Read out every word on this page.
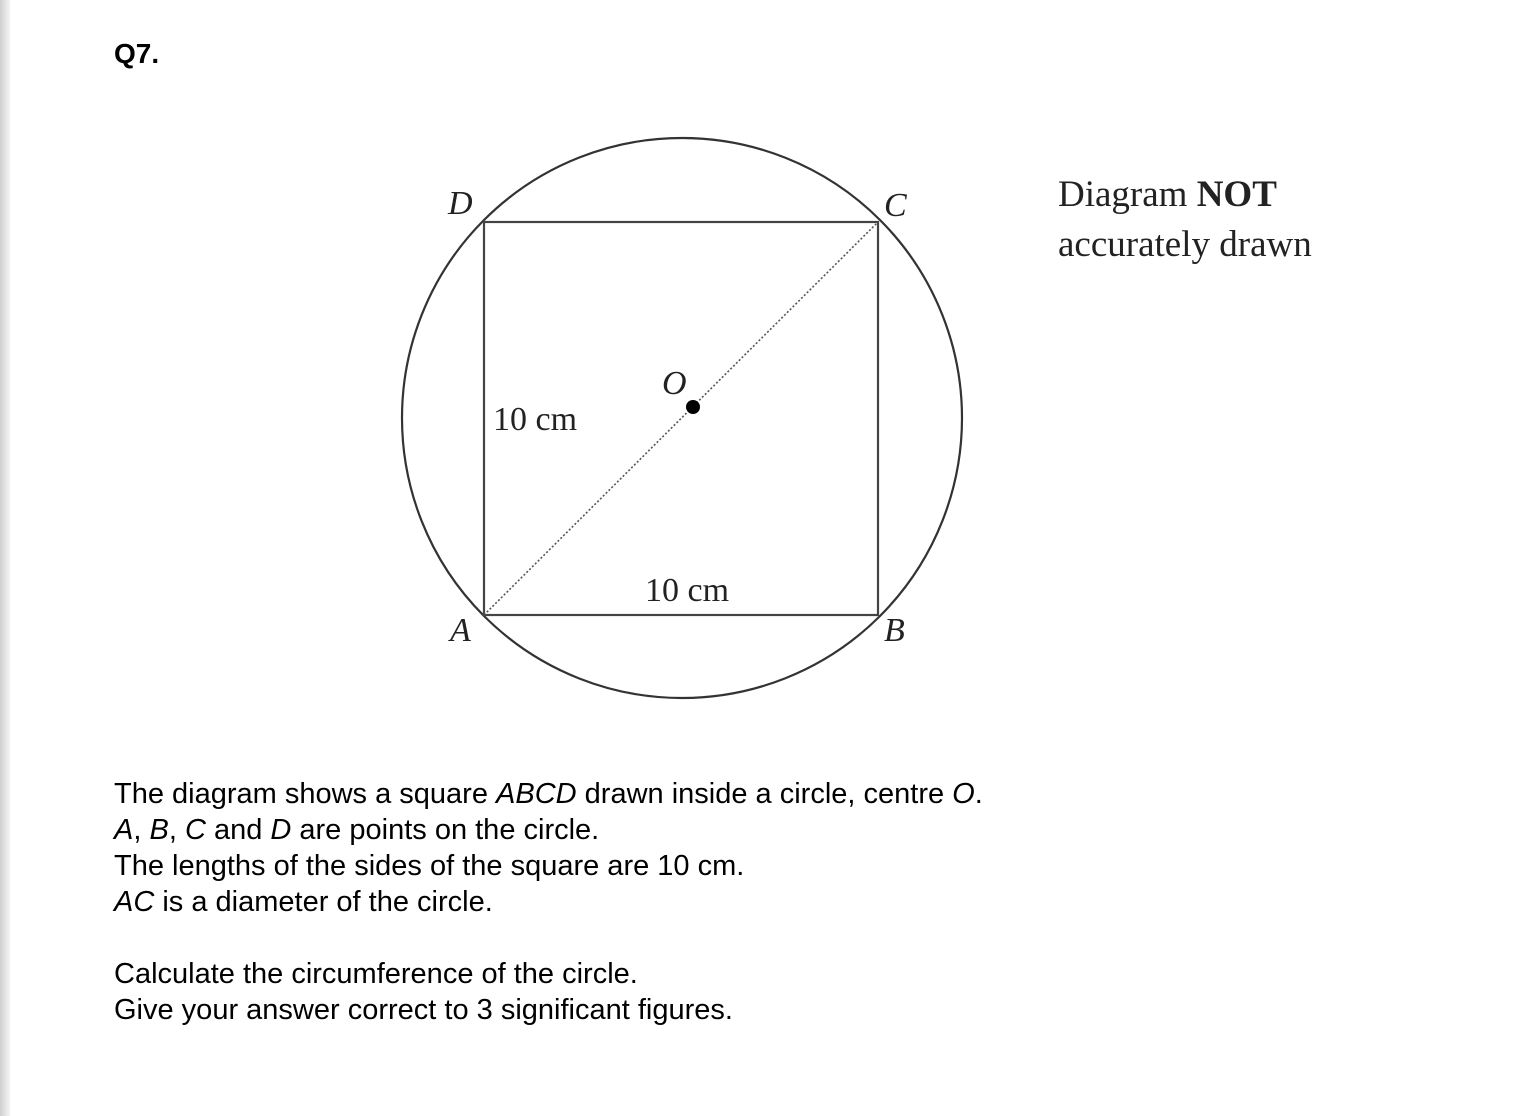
Q7.
D	C
A	B
O
10 cm
10 cm
Diagram NOT
accurately drawn

The diagram shows a square ABCD drawn inside a circle, centre O.

A, B, C and D are points on the circle.

The lengths of the sides of the square are 10 cm.

AC is a diameter of the circle.

Calculate the circumference of the circle.

Give your answer correct to 3 significant figures.
